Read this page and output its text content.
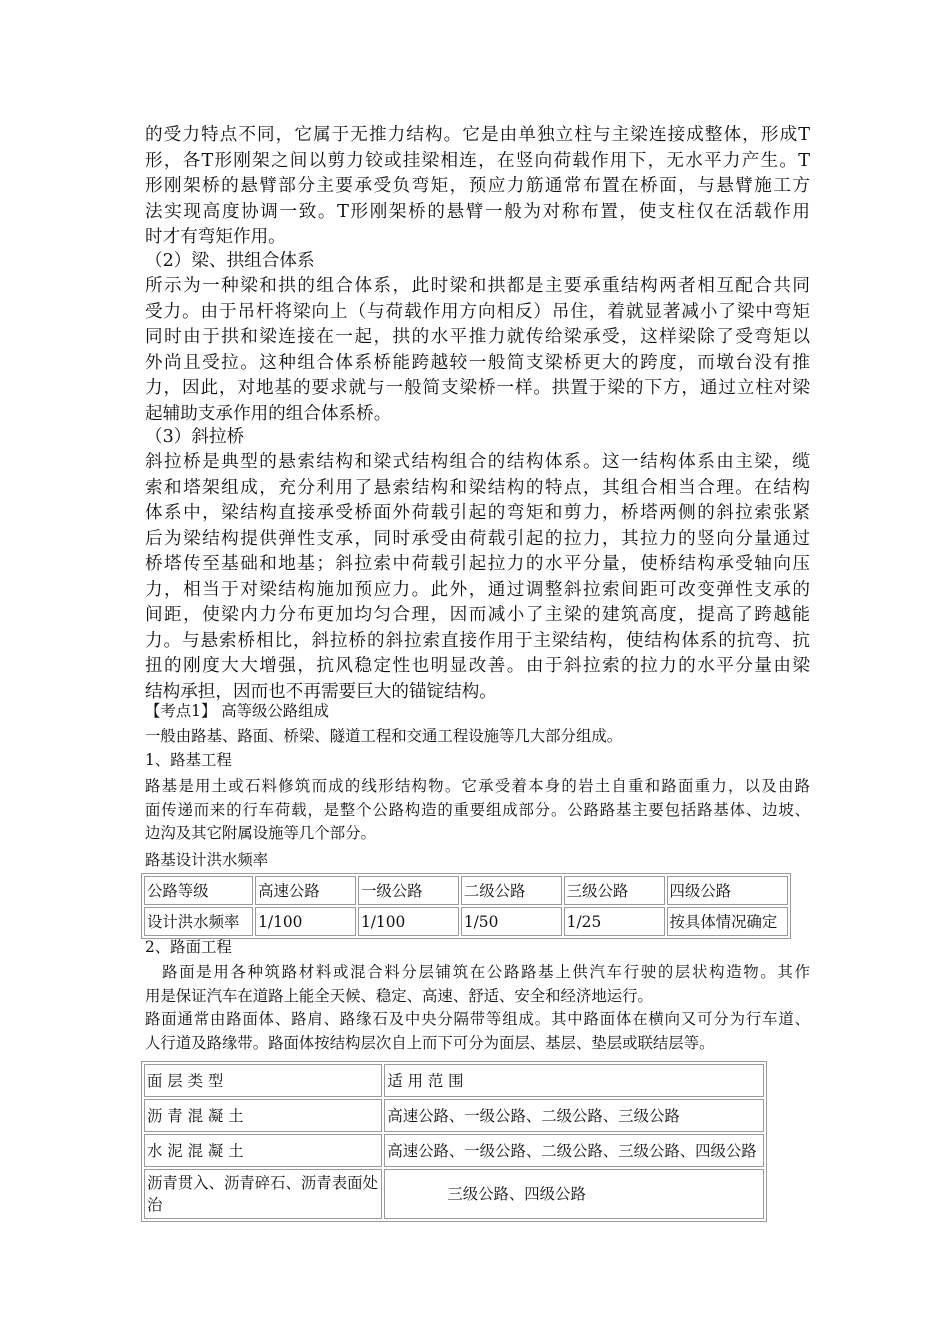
的受力特点不同，它属于无推力结构。它是由单独立柱与主梁连接成整体，形成T
形，各T形刚架之间以剪力铰或挂梁相连，在竖向荷载作用下，无水平力产生。T
形刚架桥的悬臂部分主要承受负弯矩，预应力筋通常布置在桥面，与悬臂施工方
法实现高度协调一致。T形刚架桥的悬臂一般为对称布置，使支柱仅在活载作用
时才有弯矩作用。
（2）梁、拱组合体系
所示为一种梁和拱的组合体系，此时梁和拱都是主要承重结构两者相互配合共同
受力。由于吊杆将梁向上（与荷载作用方向相反）吊住，着就显著减小了梁中弯矩
同时由于拱和梁连接在一起，拱的水平推力就传给梁承受，这样梁除了受弯矩以
外尚且受拉。这种组合体系桥能跨越较一般简支梁桥更大的跨度，而墩台没有推
力，因此，对地基的要求就与一般简支梁桥一样。拱置于梁的下方，通过立柱对梁
起辅助支承作用的组合体系桥。
（3）斜拉桥
斜拉桥是典型的悬索结构和梁式结构组合的结构体系。这一结构体系由主梁，缆
索和塔架组成，充分利用了悬索结构和梁结构的特点，其组合相当合理。在结构
体系中，梁结构直接承受桥面外荷载引起的弯矩和剪力，桥塔两侧的斜拉索张紧
后为梁结构提供弹性支承，同时承受由荷载引起的拉力，其拉力的竖向分量通过
桥塔传至基础和地基；斜拉索中荷载引起拉力的水平分量，使桥结构承受轴向压
力，相当于对梁结构施加预应力。此外，通过调整斜拉索间距可改变弹性支承的
间距，使梁内力分布更加均匀合理，因而减小了主梁的建筑高度，提高了跨越能
力。与悬索桥相比，斜拉桥的斜拉索直接作用于主梁结构，使结构体系的抗弯、抗
扭的刚度大大增强，抗风稳定性也明显改善。由于斜拉索的拉力的水平分量由梁
结构承担，因而也不再需要巨大的锚锭结构。
【考点1】 高等级公路组成
一般由路基、路面、桥梁、隧道工程和交通工程设施等几大部分组成。
1、路基工程
路基是用土或石料修筑而成的线形结构物。它承受着本身的岩土自重和路面重力，以及由路
面传递而来的行车荷载，是整个公路构造的重要组成部分。公路路基主要包括路基体、边坡、
边沟及其它附属设施等几个部分。
路基设计洪水频率
公路等级	高速公路	一级公路	二级公路	三级公路	四级公路
设计洪水频率	1/100	1/100	1/50	1/25	按具体情况确定
2、路面工程
　路面是用各种筑路材料或混合料分层铺筑在公路路基上供汽车行驶的层状构造物。其作
用是保证汽车在道路上能全天候、稳定、高速、舒适、安全和经济地运行。
路面通常由路面体、路肩、路缘石及中央分隔带等组成。其中路面体在横向又可分为行车道、
人行道及路缘带。路面体按结构层次自上而下可分为面层、基层、垫层或联结层等。
面 层 类 型	适 用 范 围
沥 青 混 凝 土	高速公路、一级公路、二级公路、三级公路
水 泥 混 凝 土	高速公路、一级公路、二级公路、三级公路、四级公路
沥青贯入、沥青碎石、沥青表面处治	三级公路、四级公路
